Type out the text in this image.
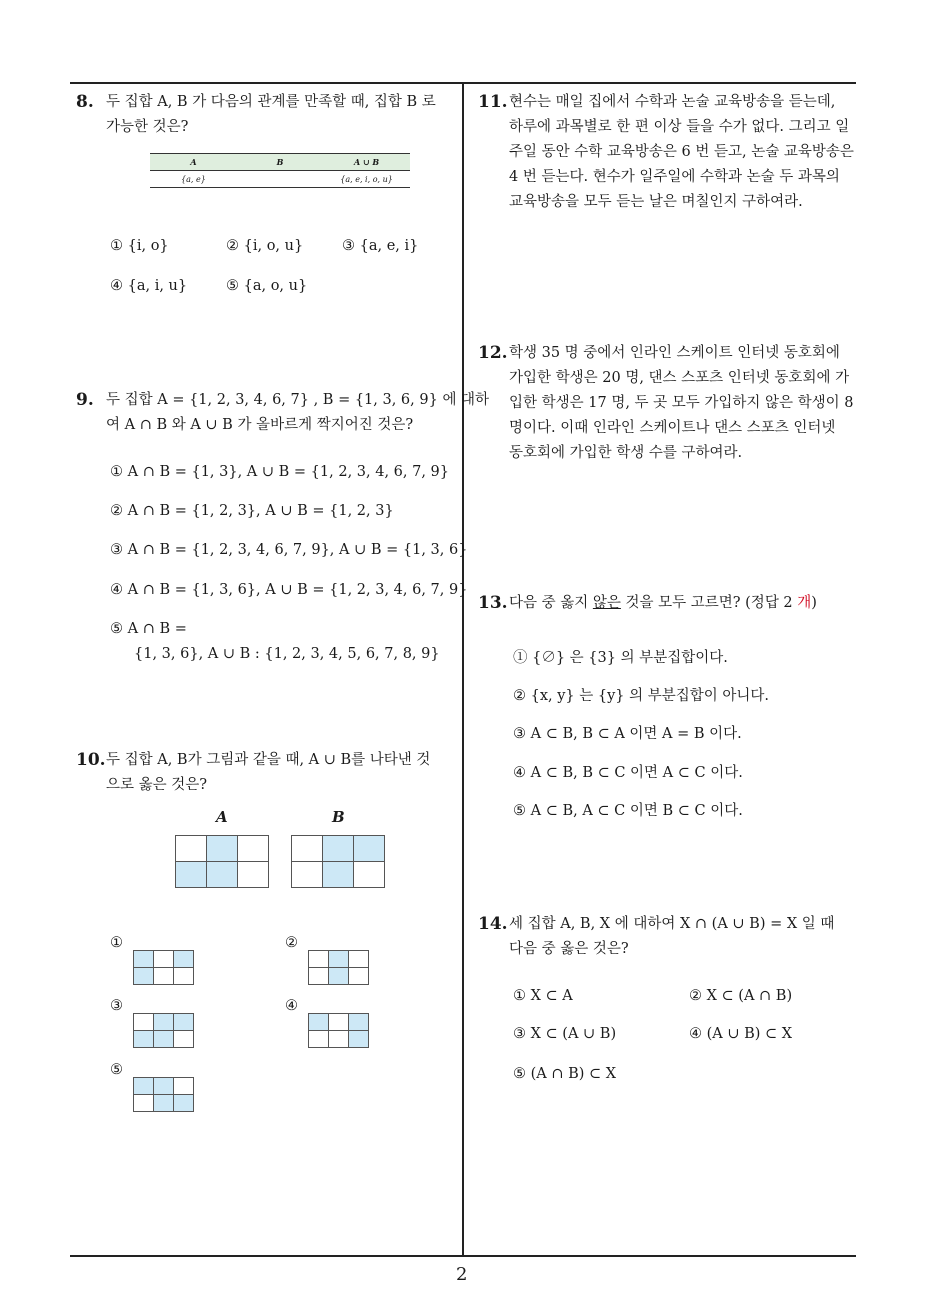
8. 두 집합 A, B 가 다음의 관계를 만족할 때, 집합 B 로
가능한 것은?
A	B	A ∪ B
{a, e}		{a, e, i, o, u}
① {i, o}	② {i, o, u}	③ {a, e, i}
④ {a, i, u}	⑤ {a, o, u}
9. 두 집합 A = {1, 2, 3, 4, 6, 7} , B = {1, 3, 6, 9} 에 대하
여 A ∩ B 와 A ∪ B 가 올바르게 짝지어진 것은?
① A ∩ B = {1, 3}, A ∪ B = {1, 2, 3, 4, 6, 7, 9}
② A ∩ B = {1, 2, 3}, A ∪ B = {1, 2, 3}
③ A ∩ B = {1, 2, 3, 4, 6, 7, 9}, A ∪ B = {1, 3, 6}
④ A ∩ B = {1, 3, 6}, A ∪ B = {1, 2, 3, 4, 6, 7, 9}
⑤ A ∩ B =
{1, 3, 6}, A ∪ B : {1, 2, 3, 4, 5, 6, 7, 8, 9}
10. 두 집합 A, B가 그림과 같을 때, A ∪ B를 나타낸 것
으로 옳은 것은?
A	B

①

			②

③

			④

⑤

11. 현수는 매일 집에서 수학과 논술 교육방송을 듣는데,
하루에 과목별로 한 편 이상 들을 수가 없다. 그리고 일
주일 동안 수학 교육방송은 6 번 듣고, 논술 교육방송은
4 번 듣는다. 현수가 일주일에 수학과 논술 두 과목의
교육방송을 모두 듣는 날은 며칠인지 구하여라.
12. 학생 35 명 중에서 인라인 스케이트 인터넷 동호회에
가입한 학생은 20 명, 댄스 스포츠 인터넷 동호회에 가
입한 학생은 17 명, 두 곳 모두 가입하지 않은 학생이 8
명이다. 이때 인라인 스케이트나 댄스 스포츠 인터넷
동호회에 가입한 학생 수를 구하여라.
13. 다음 중 옳지 않은 것을 모두 고르면? (정답 2 개)
① {∅} 은 {3} 의 부분집합이다.
② {x, y} 는 {y} 의 부분집합이 아니다.
③ A ⊂ B, B ⊂ A 이면 A = B 이다.
④ A ⊂ B, B ⊂ C 이면 A ⊂ C 이다.
⑤ A ⊂ B, A ⊂ C 이면 B ⊂ C 이다.
14. 세 집합 A, B, X 에 대하여 X ∩ (A ∪ B) = X 일 때
다음 중 옳은 것은?
① X ⊂ A	② X ⊂ (A ∩ B)
③ X ⊂ (A ∪ B)	④ (A ∪ B) ⊂ X
⑤ (A ∩ B) ⊂ X
2
